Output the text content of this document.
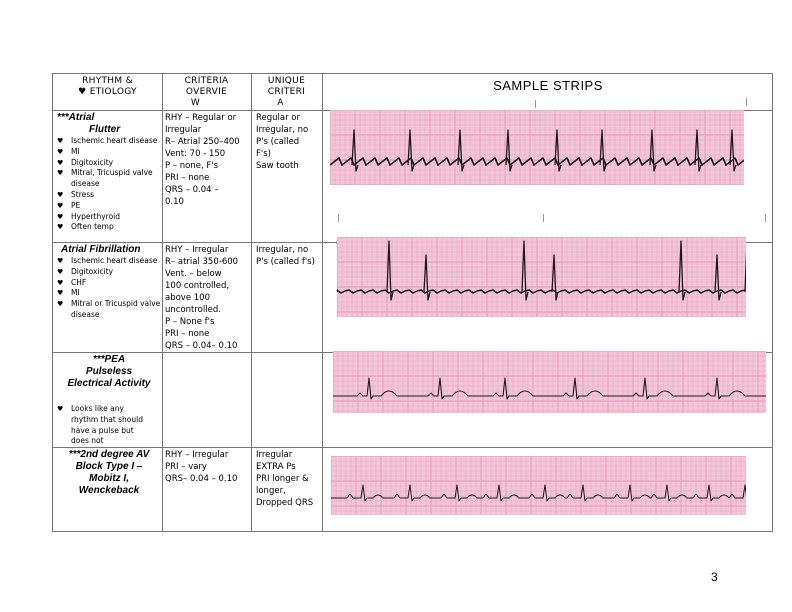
RHYTHM &
♥ ETIOLOGY
CRITERIA
OVERVIE
W
UNIQUE
CRITERI
A
SAMPLE STRIPS
***Atrial
Flutter
♥ Ischemic heart disease
♥ MI
♥ Digitoxicity
♥ Mitral, Tricuspid valve disease
♥ Stress
♥ PE
♥ Hyperthyroid
♥ Often temp
RHY – Regular or
Irregular
R– Atrial 250–400
Vent: 70 - 150
P – none, F's
PRI – none
QRS – 0.04 –
0.10
Regular or
Irregular, no
P's (called
F's)
Saw tooth
Atrial Fibrillation
♥ Ischemic heart disease
♥ Digitoxicity
♥ CHF
♥ MI
♥ Mitral or Tricuspid valve disease
RHY – Irregular
R– atrial 350-600
Vent. – below
100 controlled,
above 100
uncontrolled.
P – None f's
PRI – none
QRS – 0.04– 0.10
Irregular, no
P's (called f's)
***PEA
Pulseless
Electrical Activity
♥ Looks like any rhythm that should have a pulse but does not
***2nd degree AV
Block Type I –
Mobitz I,
Wenckeback
RHY – Irregular
PRI – vary
QRS– 0.04 – 0.10
Irregular
EXTRA Ps
PRI longer &
longer,
Dropped QRS
3
